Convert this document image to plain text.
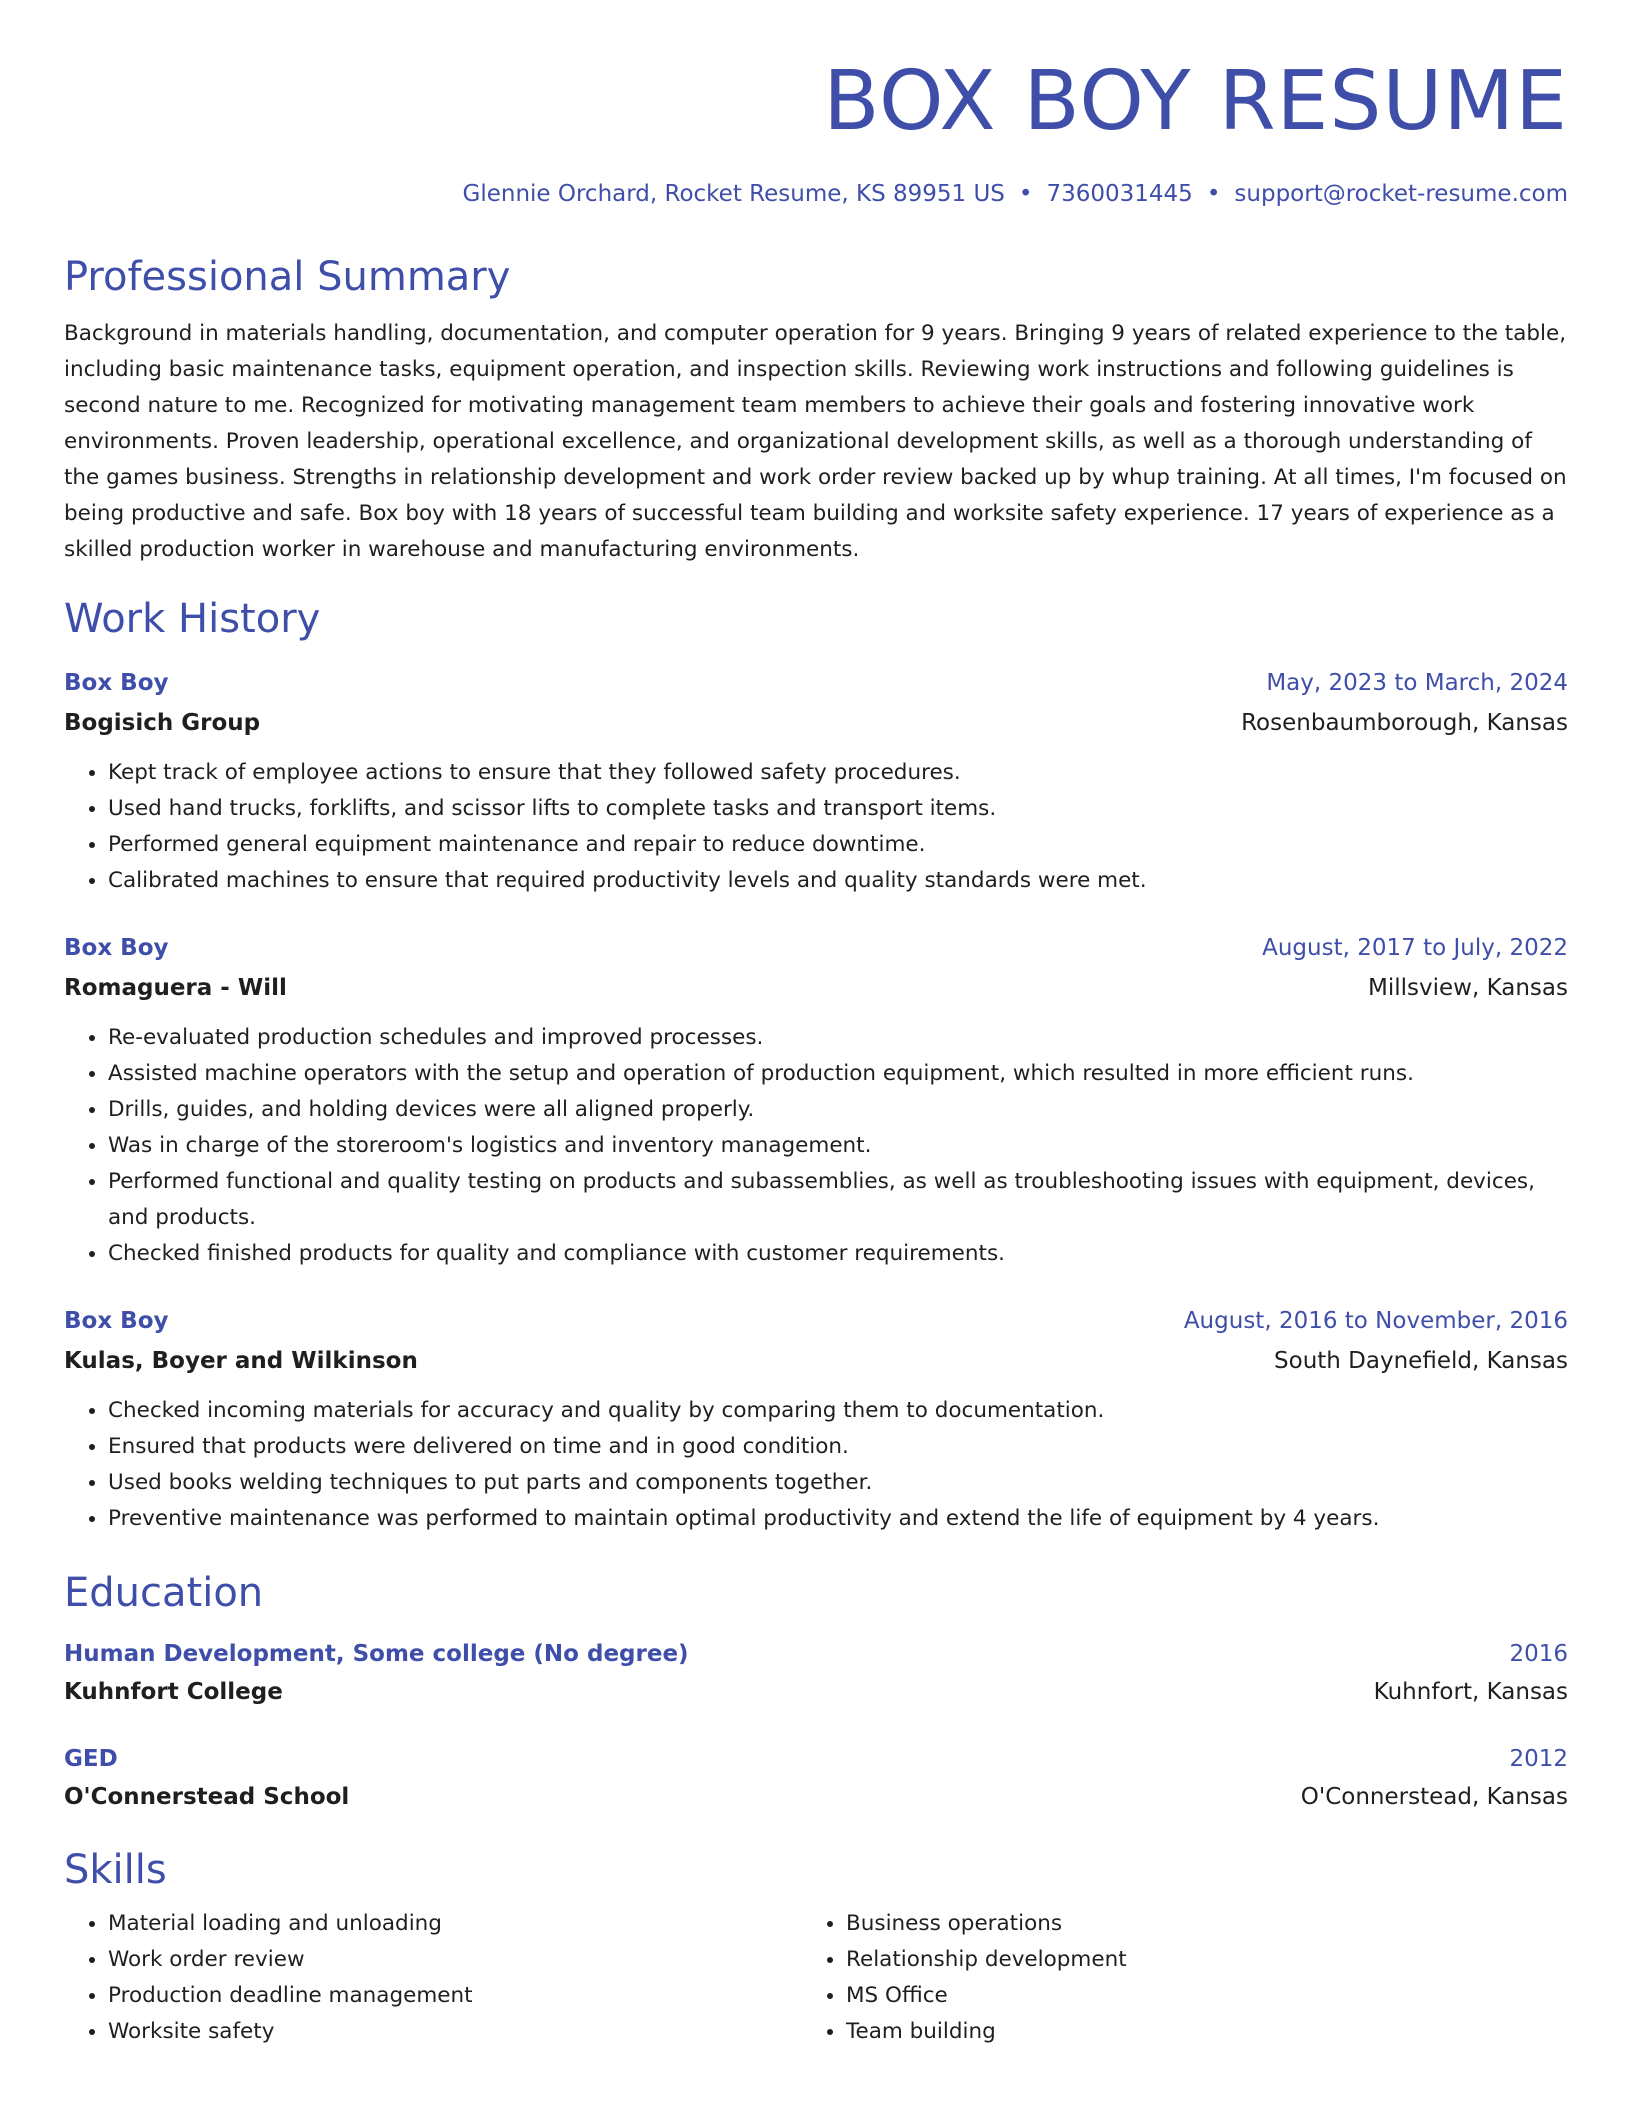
BOX BOY RESUME
Glennie Orchard, Rocket Resume, KS 89951 US • 7360031445 • support@rocket-resume.com
Professional Summary

Background in materials handling, documentation, and computer operation for 9 years. Bringing 9 years of related experience to the table, including basic maintenance tasks, equipment operation, and inspection skills. Reviewing work instructions and following guidelines is second nature to me. Recognized for motivating management team members to achieve their goals and fostering innovative work environments. Proven leadership, operational excellence, and organizational development skills, as well as a thorough understanding of the games business. Strengths in relationship development and work order review backed up by whup training. At all times, I'm focused on being productive and safe. Box boy with 18 years of successful team building and worksite safety experience. 17 years of experience as a skilled production worker in warehouse and manufacturing environments.

Work History
Box Boy	May, 2023 to March, 2024
Bogisich Group	Rosenbaumborough, Kansas
• Kept track of employee actions to ensure that they followed safety procedures.
• Used hand trucks, forklifts, and scissor lifts to complete tasks and transport items.
• Performed general equipment maintenance and repair to reduce downtime.
• Calibrated machines to ensure that required productivity levels and quality standards were met.
Box Boy	August, 2017 to July, 2022
Romaguera - Will	Millsview, Kansas
• Re-evaluated production schedules and improved processes.
• Assisted machine operators with the setup and operation of production equipment, which resulted in more efficient runs.
• Drills, guides, and holding devices were all aligned properly.
• Was in charge of the storeroom's logistics and inventory management.
• Performed functional and quality testing on products and subassemblies, as well as troubleshooting issues with equipment, devices, and products.
• Checked finished products for quality and compliance with customer requirements.
Box Boy	August, 2016 to November, 2016
Kulas, Boyer and Wilkinson	South Daynefield, Kansas
• Checked incoming materials for accuracy and quality by comparing them to documentation.
• Ensured that products were delivered on time and in good condition.
• Used books welding techniques to put parts and components together.
• Preventive maintenance was performed to maintain optimal productivity and extend the life of equipment by 4 years.
Education
Human Development, Some college (No degree)	2016
Kuhnfort College	Kuhnfort, Kansas
GED	2012
O'Connerstead School	O'Connerstead, Kansas
Skills
• Material loading and unloading
• Work order review
• Production deadline management
• Worksite safety
• Business operations
• Relationship development
• MS Office
• Team building
